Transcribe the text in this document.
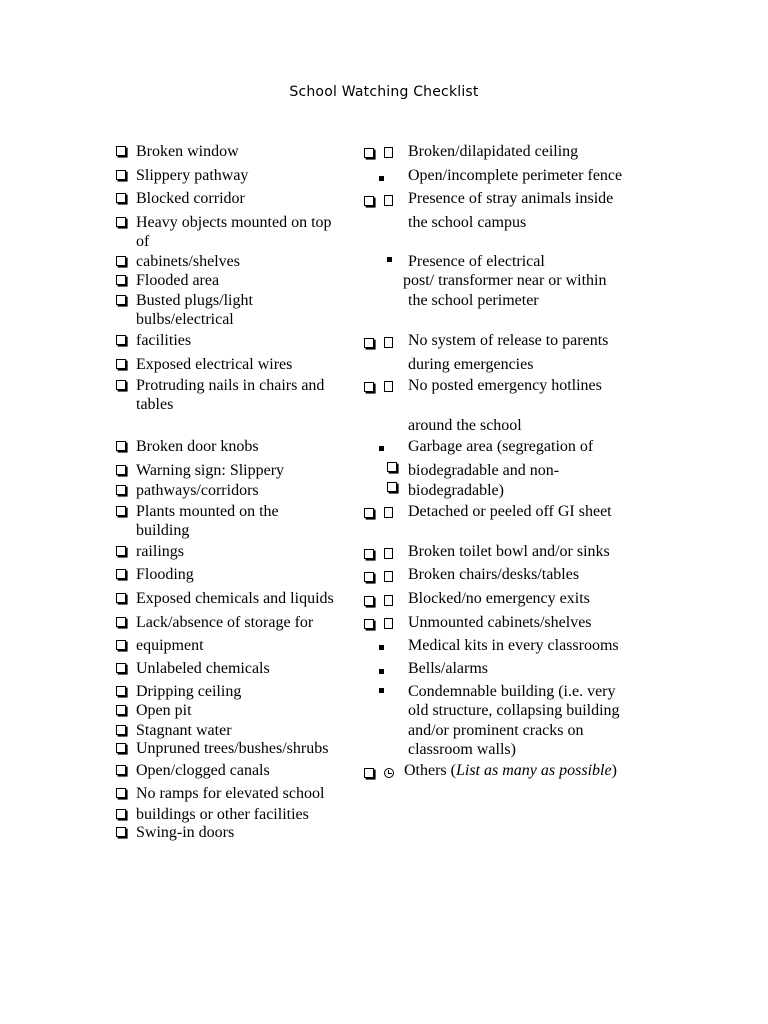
School Watching Checklist
Broken window
Slippery pathway
Blocked corridor
Heavy objects mounted on top
of
cabinets/shelves
Flooded area
Busted plugs/light
bulbs/electrical
facilities
Exposed electrical wires
Protruding nails in chairs and
tables
Broken door knobs
Warning sign: Slippery
pathways/corridors
Plants mounted on the
building
railings
Flooding
Exposed chemicals and liquids
Lack/absence of storage for
equipment
Unlabeled chemicals
Dripping ceiling
Open pit
Stagnant water
Unpruned trees/bushes/shrubs
Open/clogged canals
No ramps for elevated school
buildings or other facilities
Swing-in doors
Broken/dilapidated ceiling
Open/incomplete perimeter fence
Presence of stray animals inside
the school campus
Presence of electrical
post/ transformer near or within
the school perimeter
No system of release to parents
during emergencies
No posted emergency hotlines
around the school
Garbage area (segregation of
biodegradable and non-
biodegradable)
Detached or peeled off GI sheet
Broken toilet bowl and/or sinks
Broken chairs/desks/tables
Blocked/no emergency exits
Unmounted cabinets/shelves
Medical kits in every classrooms
Bells/alarms
Condemnable building (i.e. very
old structure, collapsing building
and/or prominent cracks on
classroom walls)
Others (List as many as possible)
